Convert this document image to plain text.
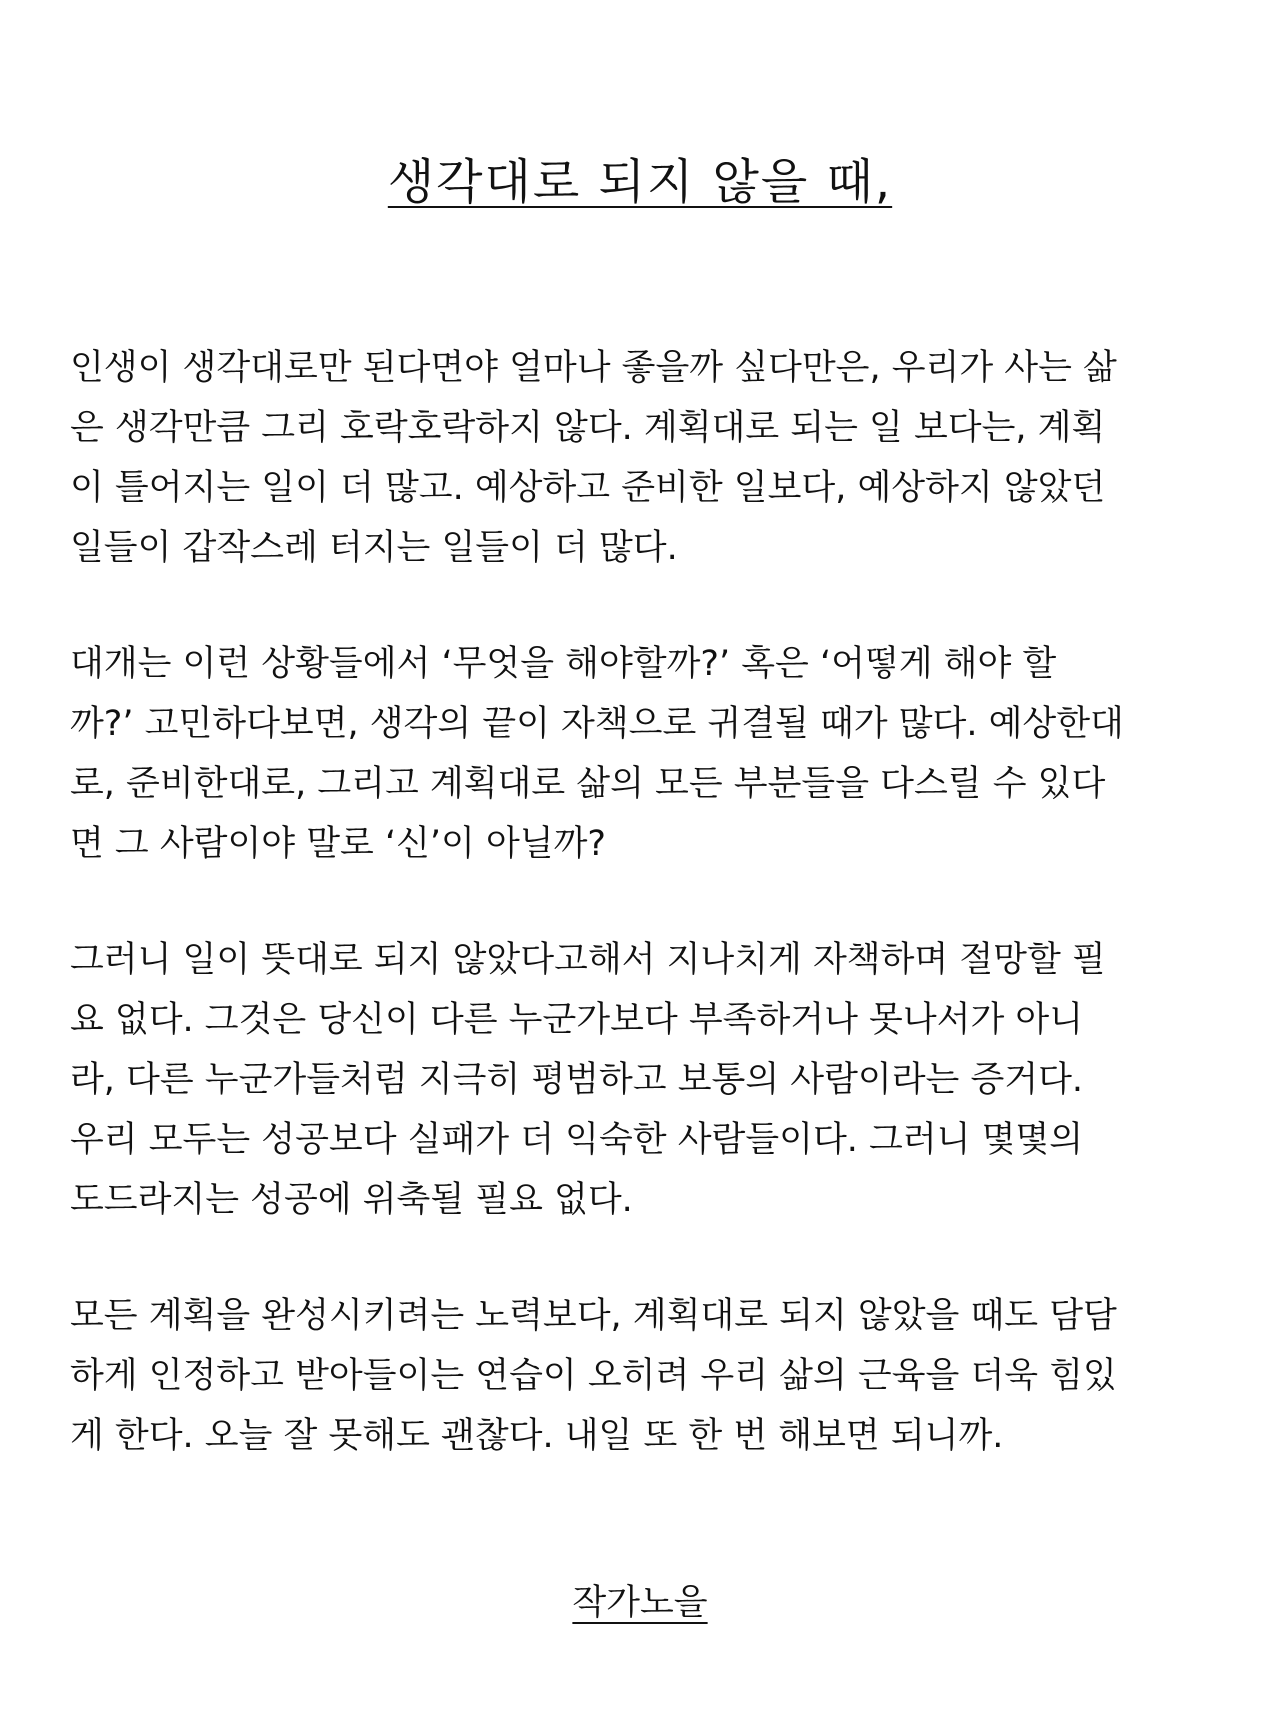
생각대로 되지 않을 때,

인생이 생각대로만 된다면야 얼마나 좋을까 싶다만은, 우리가 사는 삶
은 생각만큼 그리 호락호락하지 않다. 계획대로 되는 일 보다는, 계획
이 틀어지는 일이 더 많고. 예상하고 준비한 일보다, 예상하지 않았던
일들이 갑작스레 터지는 일들이 더 많다.

대개는 이런 상황들에서 ‘무엇을 해야할까?’ 혹은 ‘어떻게 해야 할
까?’ 고민하다보면, 생각의 끝이 자책으로 귀결될 때가 많다. 예상한대
로, 준비한대로, 그리고 계획대로 삶의 모든 부분들을 다스릴 수 있다
면 그 사람이야 말로 ‘신’이 아닐까?

그러니 일이 뜻대로 되지 않았다고해서 지나치게 자책하며 절망할 필
요 없다. 그것은 당신이 다른 누군가보다 부족하거나 못나서가 아니
라, 다른 누군가들처럼 지극히 평범하고 보통의 사람이라는 증거다.
우리 모두는 성공보다 실패가 더 익숙한 사람들이다. 그러니 몇몇의
도드라지는 성공에 위축될 필요 없다.

모든 계획을 완성시키려는 노력보다, 계획대로 되지 않았을 때도 담담
하게 인정하고 받아들이는 연습이 오히려 우리 삶의 근육을 더욱 힘있
게 한다. 오늘 잘 못해도 괜찮다. 내일 또 한 번 해보면 되니까.

작가노을
